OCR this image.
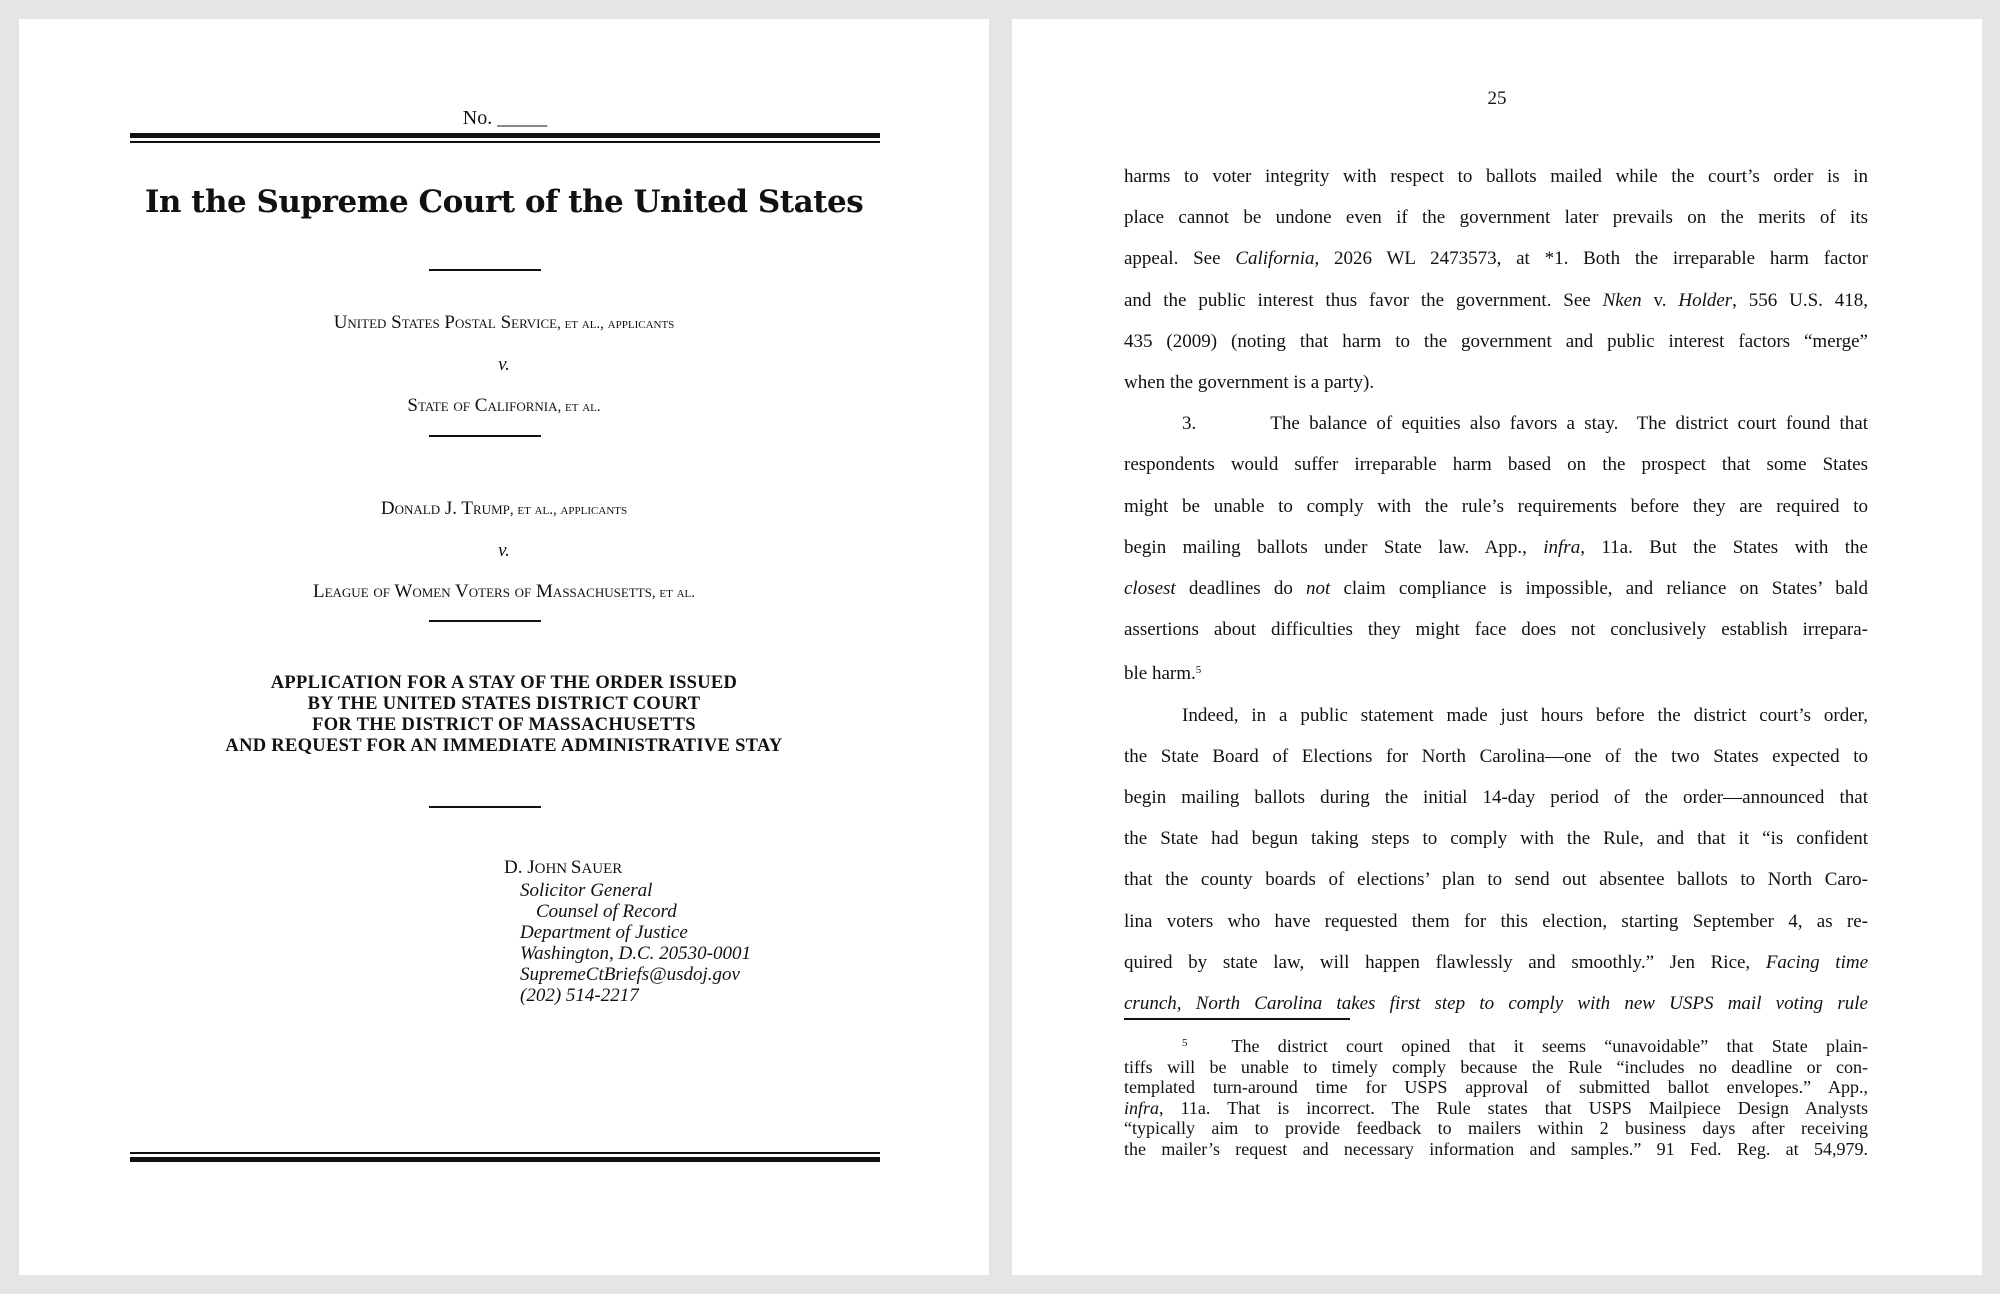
No. _____
In the Supreme Court of the United States
United States Postal Service, et al., applicants
v.
State of California, et al.
Donald J. Trump, et al., applicants
v.
League of Women Voters of Massachusetts, et al.
APPLICATION FOR A STAY OF THE ORDER ISSUED
BY THE UNITED STATES DISTRICT COURT
FOR THE DISTRICT OF MASSACHUSETTS
AND REQUEST FOR AN IMMEDIATE ADMINISTRATIVE STAY
D. JOHN SAUER
Solicitor General
Counsel of Record
Department of Justice
Washington, D.C. 20530-0001
SupremeCtBriefs@usdoj.gov
(202) 514-2217
25

harms to voter integrity with respect to ballots mailed while the court’s order is in
place cannot be undone even if the government later prevails on the merits of its
appeal. See California, 2026 WL 2473573, at *1. Both the irreparable harm factor
and the public interest thus favor the government. See Nken v. Holder, 556 U.S. 418,
435 (2009) (noting that harm to the government and public interest factors “merge”
when the government is a party).

3.        The balance of equities also favors a stay.  The district court found that
respondents would suffer irreparable harm based on the prospect that some States
might be unable to comply with the rule’s requirements before they are required to
begin mailing ballots under State law. App., infra, 11a. But the States with the
closest deadlines do not claim compliance is impossible, and reliance on States’ bald
assertions about difficulties they might face does not conclusively establish irrepara-
ble harm.$^5$

Indeed, in a public statement made just hours before the district court’s order,
the State Board of Elections for North Carolina—one of the two States expected to
begin mailing ballots during the initial 14-day period of the order—announced that
the State had begun taking steps to comply with the Rule, and that it “is confident
that the county boards of elections’ plan to send out absentee ballots to North Caro-
lina voters who have requested them for this election, starting September 4, as re-
quired by state law, will happen flawlessly and smoothly.” Jen Rice, Facing time
crunch, North Carolina takes first step to comply with new USPS mail voting rule

$^5$ The district court opined that it seems “unavoidable” that State plain-
tiffs will be unable to timely comply because the Rule “includes no deadline or con-
templated turn-around time for USPS approval of submitted ballot envelopes.” App.,
infra, 11a. That is incorrect. The Rule states that USPS Mailpiece Design Analysts
“typically aim to provide feedback to mailers within 2 business days after receiving
the mailer’s request and necessary information and samples.” 91 Fed. Reg. at 54,979.
